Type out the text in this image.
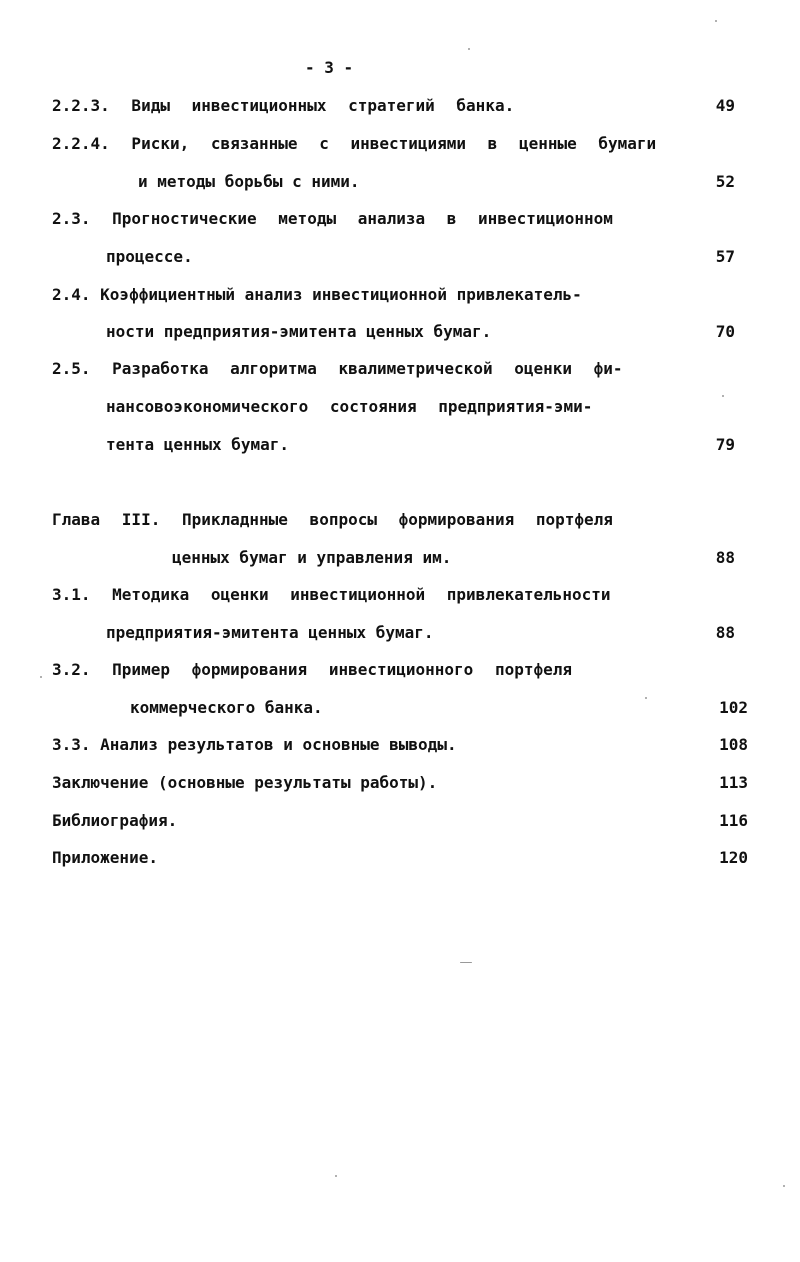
- 3 -
2.2.3. Виды инвестиционных стратегий банка.	49
2.2.4. Риски, связанные с инвестициями в ценные бумаги
и методы борьбы с ними.	52
2.3. Прогностические методы анализа в инвестиционном
процессе.	57
2.4. Коэффициентный анализ инвестиционной привлекатель-
ности предприятия-эмитента ценных бумаг.	70
2.5. Разработка алгоритма квалиметрической оценки фи-
нансовоэкономического состояния предприятия-эми-
тента ценных бумаг.	79
Глава III. Прикладнные вопросы формирования портфеля
ценных бумаг и управления им.	88
3.1. Методика оценки инвестиционной привлекательности
предприятия-эмитента ценных бумаг.	88
3.2. Пример формирования инвестиционного портфеля
коммерческого банка.	102
3.3. Анализ результатов и основные выводы.	108
Заключение (основные результаты работы).	113
Библиография.	116
Приложение.	120
